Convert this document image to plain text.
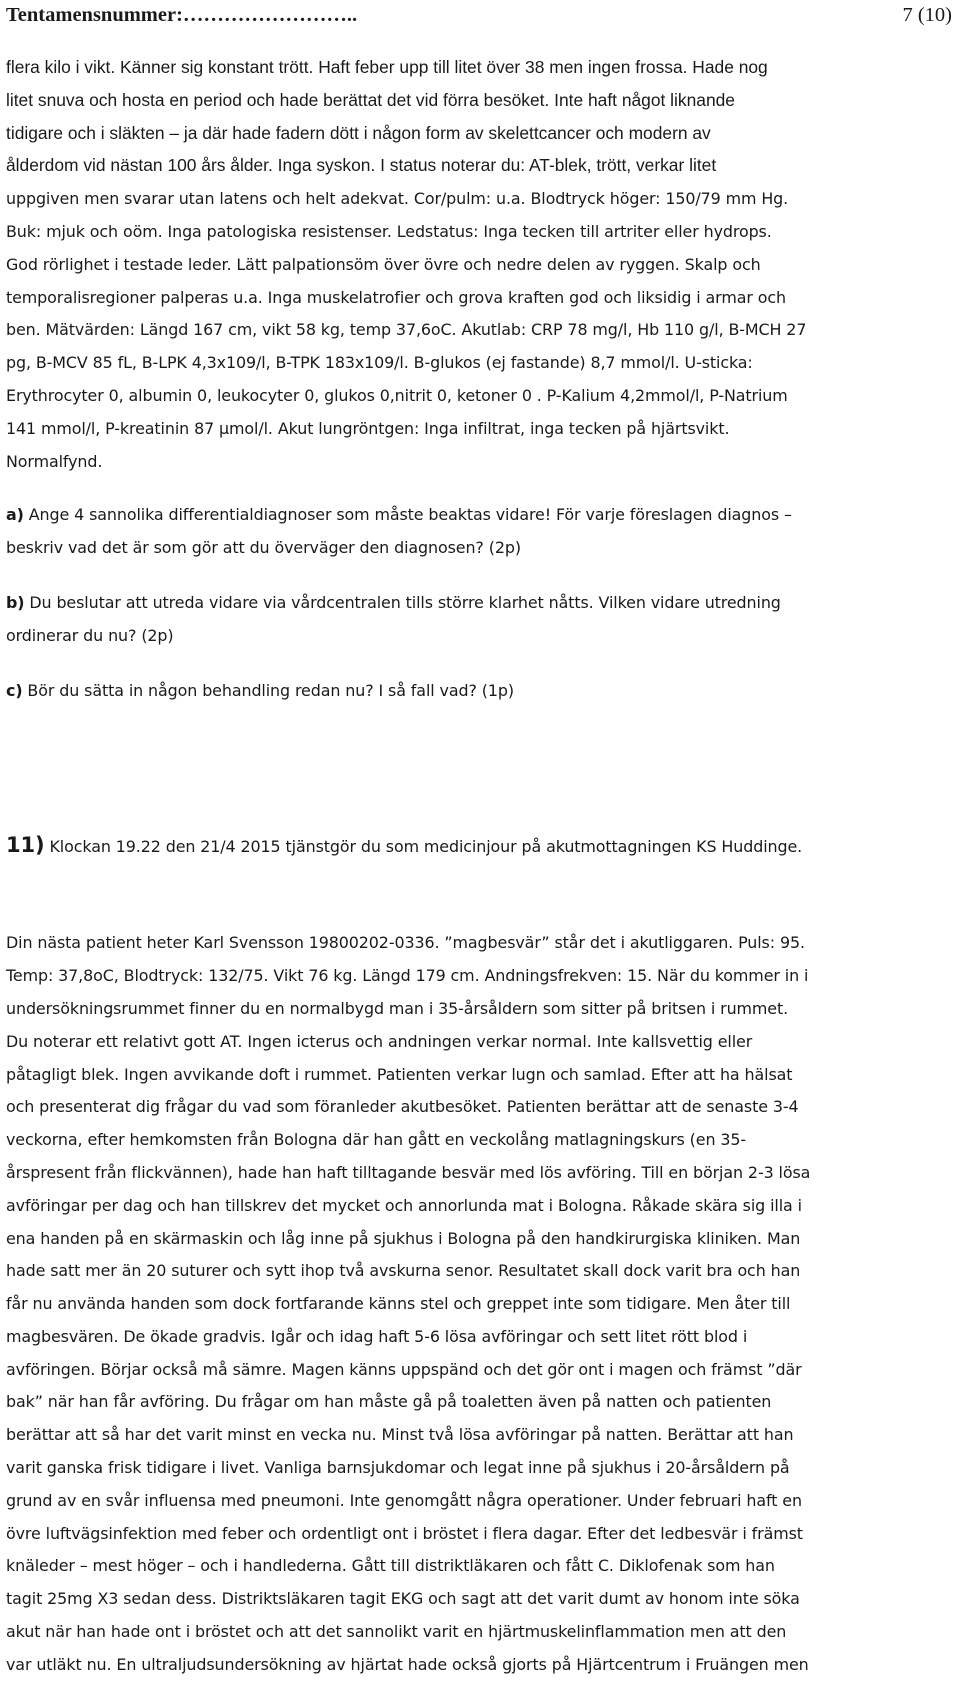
Tentamensnummer:……………………..	7 (10)
flera kilo i vikt. Känner sig konstant trött. Haft feber upp till litet över 38 men ingen frossa. Hade nog
litet snuva och hosta en period och hade berättat det vid förra besöket. Inte haft något liknande
tidigare och i släkten – ja där hade fadern dött i någon form av skelettcancer och modern av
ålderdom vid nästan 100 års ålder. Inga syskon. I status noterar du: AT-blek, trött, verkar litet
uppgiven men svarar utan latens och helt adekvat. Cor/pulm: u.a. Blodtryck höger: 150/79 mm Hg.
Buk: mjuk och oöm. Inga patologiska resistenser. Ledstatus: Inga tecken till artriter eller hydrops.
God rörlighet i testade leder. Lätt palpationsöm över övre och nedre delen av ryggen. Skalp och
temporalisregioner palperas u.a. Inga muskelatrofier och grova kraften god och liksidig i armar och
ben. Mätvärden: Längd 167 cm, vikt 58 kg, temp 37,6oC. Akutlab: CRP 78 mg/l, Hb 110 g/l, B-MCH 27
pg, B-MCV 85 fL, B-LPK 4,3x109/l, B-TPK 183x109/l. B-glukos (ej fastande) 8,7 mmol/l. U-sticka:
Erythrocyter 0, albumin 0, leukocyter 0, glukos 0,nitrit 0, ketoner 0 . P-Kalium 4,2mmol/l, P-Natrium
141 mmol/l, P-kreatinin 87 µmol/l. Akut lungröntgen: Inga infiltrat, inga tecken på hjärtsvikt.
Normalfynd.
a) Ange 4 sannolika differentialdiagnoser som måste beaktas vidare! För varje föreslagen diagnos –
beskriv vad det är som gör att du överväger den diagnosen? (2p)
b) Du beslutar att utreda vidare via vårdcentralen tills större klarhet nåtts. Vilken vidare utredning
ordinerar du nu? (2p)
c) Bör du sätta in någon behandling redan nu? I så fall vad? (1p)

11) Klockan 19.22 den 21/4 2015 tjänstgör du som medicinjour på akutmottagningen KS Huddinge.

Din nästa patient heter Karl Svensson 19800202-0336. ”magbesvär” står det i akutliggaren. Puls: 95.
Temp: 37,8oC, Blodtryck: 132/75. Vikt 76 kg. Längd 179 cm. Andningsfrekven: 15. När du kommer in i
undersökningsrummet finner du en normalbygd man i 35-årsåldern som sitter på britsen i rummet.
Du noterar ett relativt gott AT. Ingen icterus och andningen verkar normal. Inte kallsvettig eller
påtagligt blek. Ingen avvikande doft i rummet. Patienten verkar lugn och samlad. Efter att ha hälsat
och presenterat dig frågar du vad som föranleder akutbesöket. Patienten berättar att de senaste 3-4
veckorna, efter hemkomsten från Bologna där han gått en veckolång matlagningskurs (en 35-
årspresent från flickvännen), hade han haft tilltagande besvär med lös avföring. Till en början 2-3 lösa
avföringar per dag och han tillskrev det mycket och annorlunda mat i Bologna. Råkade skära sig illa i
ena handen på en skärmaskin och låg inne på sjukhus i Bologna på den handkirurgiska kliniken. Man
hade satt mer än 20 suturer och sytt ihop två avskurna senor. Resultatet skall dock varit bra och han
får nu använda handen som dock fortfarande känns stel och greppet inte som tidigare. Men åter till
magbesvären. De ökade gradvis. Igår och idag haft 5-6 lösa avföringar och sett litet rött blod i
avföringen. Börjar också må sämre. Magen känns uppspänd och det gör ont i magen och främst ”där
bak” när han får avföring. Du frågar om han måste gå på toaletten även på natten och patienten
berättar att så har det varit minst en vecka nu. Minst två lösa avföringar på natten. Berättar att han
varit ganska frisk tidigare i livet. Vanliga barnsjukdomar och legat inne på sjukhus i 20-årsåldern på
grund av en svår influensa med pneumoni. Inte genomgått några operationer. Under februari haft en
övre luftvägsinfektion med feber och ordentligt ont i bröstet i flera dagar. Efter det ledbesvär i främst
knäleder – mest höger – och i handlederna. Gått till distriktläkaren och fått C. Diklofenak som han
tagit 25mg X3 sedan dess. Distriktsläkaren tagit EKG och sagt att det varit dumt av honom inte söka
akut när han hade ont i bröstet och att det sannolikt varit en hjärtmuskelinflammation men att den
var utläkt nu. En ultraljudsundersökning av hjärtat hade också gjorts på Hjärtcentrum i Fruängen men
